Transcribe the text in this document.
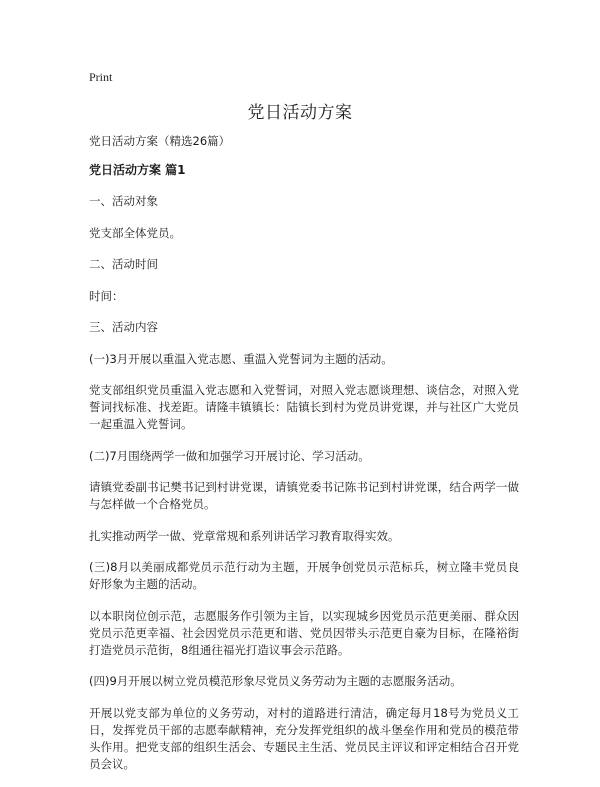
Print
党日活动方案

党日活动方案（精选26篇）

党日活动方案 篇1

一、活动对象

党支部全体党员。

二、活动时间

时间：

三、活动内容

(一)3月开展以重温入党志愿、重温入党誓词为主题的活动。

党支部组织党员重温入党志愿和入党誓词，对照入党志愿谈理想、谈信念，对照入党誓词找标准、找差距。请隆丰镇镇长：陆镇长到村为党员讲党课，并与社区广大党员一起重温入党誓词。

(二)7月围绕两学一做和加强学习开展讨论、学习活动。

请镇党委副书记樊书记到村讲党课，请镇党委书记陈书记到村讲党课，结合两学一做与怎样做一个合格党员。

扎实推动两学一做、党章常规和系列讲话学习教育取得实效。

(三)8月以美丽成都党员示范行动为主题，开展争创党员示范标兵，树立隆丰党员良好形象为主题的活动。

以本职岗位创示范，志愿服务作引领为主旨，以实现城乡因党员示范更美丽、群众因党员示范更幸福、社会因党员示范更和谐、党员因带头示范更自豪为目标，在隆裕街打造党员示范街，8组通往福光打造议事会示范路。

(四)9月开展以树立党员模范形象尽党员义务劳动为主题的志愿服务活动。

开展以党支部为单位的义务劳动，对村的道路进行清洁，确定每月18号为党员义工日，发挥党员干部的志愿奉献精神，充分发挥党组织的战斗堡垒作用和党员的模范带头作用。把党支部的组织生活会、专题民主生活、党员民主评议和评定相结合召开党员会议。
